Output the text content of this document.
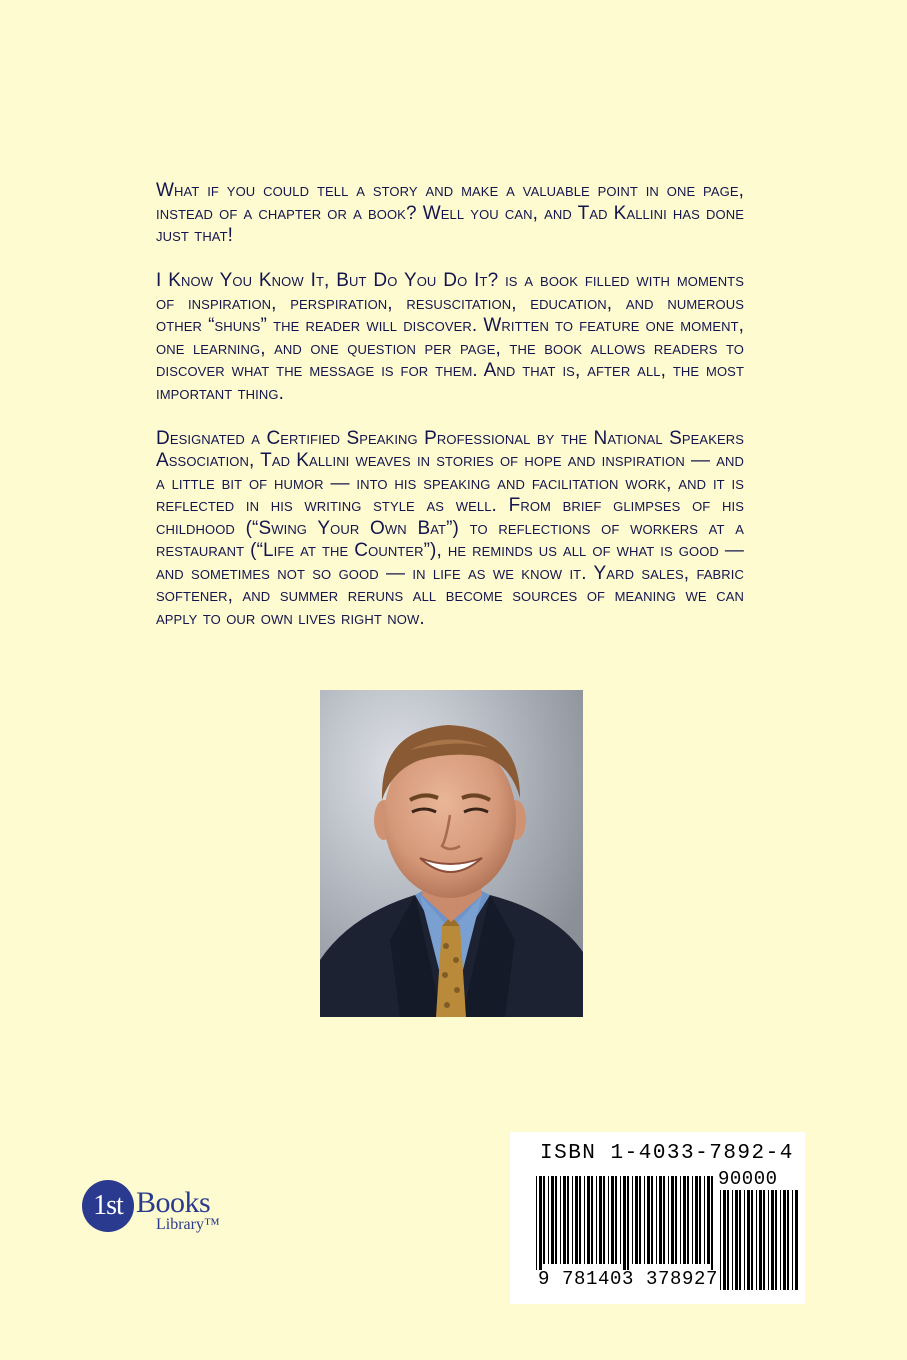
What if you could tell a story and make a valuable point in one page, instead of a chapter or a book? Well you can, and Tad Kallini has done just that!

I Know You Know It, But Do You Do It? is a book filled with moments of inspiration, perspiration, resuscitation, education, and numerous other “shuns” the reader will discover. Written to feature one moment, one learning, and one question per page, the book allows readers to discover what the message is for them. And that is, after all, the most important thing.

Designated a Certified Speaking Professional by the National Speakers Association, Tad Kallini weaves in stories of hope and inspiration — and a little bit of humor — into his speaking and facilitation work, and it is reflected in his writing style as well. From brief glimpses of his childhood (“Swing Your Own Bat”) to reflections of workers at a restaurant (“Life at the Counter”), he reminds us all of what is good — and sometimes not so good — in life as we know it. Yard sales, fabric softener, and summer reruns all become sources of meaning we can apply to our own lives right now.

1st Books
Library™
ISBN 1-4033-7892-4
90000
9 781403 378927
